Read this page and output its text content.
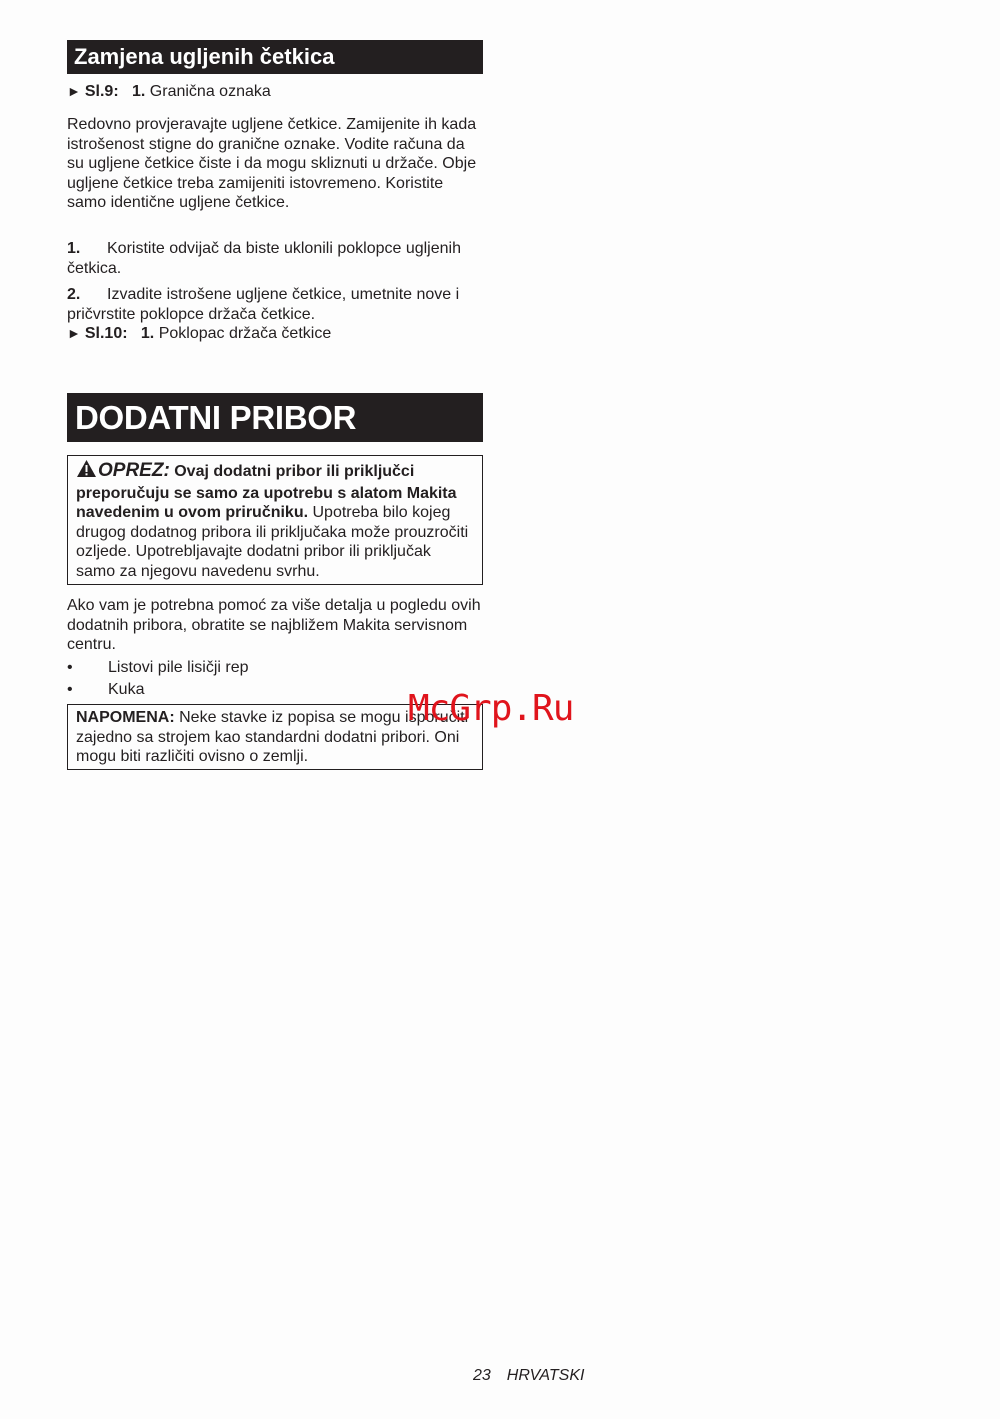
Zamjena ugljenih četkica
► Sl.9: 1. Granična oznaka

Redovno provjeravajte ugljene četkice. Zamijenite ih kada istrošenost stigne do granične oznake. Vodite računa da su ugljene četkice čiste i da mogu skliznuti u držače. Obje ugljene četkice treba zamijeniti istovremeno. Koristite samo identične ugljene četkice.

1. Koristite odvijač da biste uklonili poklopce ugljenih četkica.
2. Izvadite istrošene ugljene četkice, umetnite nove i pričvrstite poklopce držača četkice.
► Sl.10: 1. Poklopac držača četkice
DODATNI PRIBOR
OPREZ: Ovaj dodatni pribor ili priključci preporučuju se samo za upotrebu s alatom Makita navedenim u ovom priručniku. Upotreba bilo kojeg drugog dodatnog pribora ili priključaka može prouzročiti ozljede. Upotrebljavajte dodatni pribor ili priključak samo za njegovu navedenu svrhu.

Ako vam je potrebna pomoć za više detalja u pogledu ovih dodatnih pribora, obratite se najbližem Makita servisnom centru.

• Listovi pile lisičji rep
• Kuka
NAPOMENA: Neke stavke iz popisa se mogu isporučiti zajedno sa strojem kao standardni dodatni pribori. Oni mogu biti različiti ovisno o zemlji.
McGrp.Ru
23 HRVATSKI
